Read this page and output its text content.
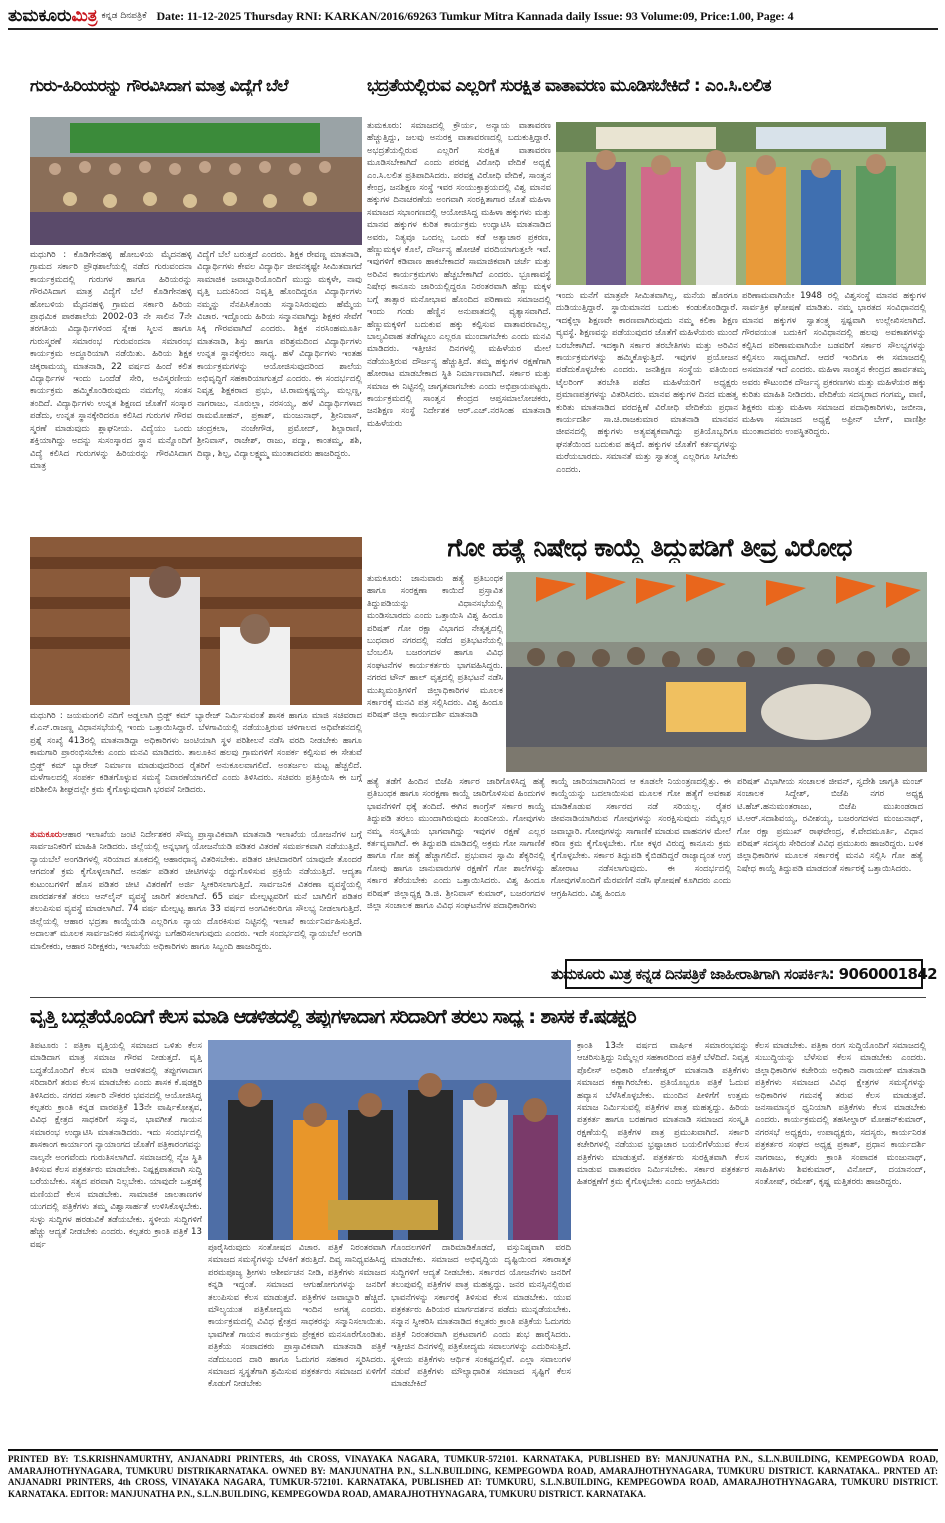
ತುಮಕೂರುಮಿತ್ರ ಕನ್ನಡ ದಿನಪತ್ರಿಕೆ Date: 11-12-2025 Thursday RNI: KARKAN/2016/69263 Tumkur Mitra Kannada daily Issue: 93 Volume:09, Price:1.00, Page: 4
ಗುರು-ಹಿರಿಯರನ್ನು ಗೌರವಿಸಿದಾಗ ಮಾತ್ರ ವಿದ್ಯೆಗೆ ಬೆಲೆ
ಮಧುಗಿರಿ : ಕೊಡಿಗೇನಹಳ್ಳಿ ಹೋಬಳಿಯ ಮೈದನಹಳ್ಳಿ ಗ್ರಾಮದ ಸರ್ಕಾರಿ ಪ್ರೌಢಶಾಲೆಯಲ್ಲಿ ನಡೆದ ಗುರುವಂದನಾ ಕಾರ್ಯಕ್ರಮದಲ್ಲಿ ಗುರುಗಳ ಹಾಗೂ ಹಿರಿಯರನ್ನು ಗೌರವಿಸಿದಾಗ ಮಾತ್ರ ವಿದ್ಯೆಗೆ ಬೆಲೆ ಕೊಡಿಗೇನಹಳ್ಳಿ ಹೋಬಳಿಯ ಮೈದನಹಳ್ಳಿ ಗ್ರಾಮದ ಸರ್ಕಾರಿ ಹಿರಿಯ ಪ್ರಾಥಮಿಕ ಪಾಠಶಾಲೆಯ 2002-03 ನೇ ಸಾಲಿನ 7ನೇ ತರಗತಿಯ ವಿದ್ಯಾರ್ಥಿಗಳಿಂದ ಸ್ನೇಹ ಸ್ಮಿಲನ ಹಾಗೂ ಗುರುಸ್ಮರಣೆ ಸಮಾರಂಭ ಗುರುವಂದನಾ ಸಮಾರಂಭ ಕಾರ್ಯಕ್ರಮ ಅದ್ಧೂರಿಯಾಗಿ ನಡೆಯಿತು. ಹಿರಿಯ ಶಿಕ್ಷಕ ಚಿಕ್ಕರಾಮಯ್ಯ ಮಾತನಾಡಿ, 22 ವರ್ಷದ ಹಿಂದೆ ಕಲಿತ ವಿದ್ಯಾರ್ಥಿಗಳ ಇಂದು ಒಂದೆಡೆ ಸೇರಿ, ಅವಿಸ್ಮರಣೀಯ ಕಾರ್ಯಕ್ರಮ ಹಮ್ಮಿಕೊಂಡಿರುವುದು ನಮಗೆಲ್ಲ ಸಂತಸ ತಂದಿದೆ. ವಿದ್ಯಾರ್ಥಿಗಳು ಉನ್ನತ ಶಿಕ್ಷಣದ ಜೊತೆಗೆ ಸಂಸ್ಕಾರ ಪಡೆದು, ಉನ್ನತ ಸ್ಥಾನಕ್ಕೇರಿದರೂ ಕಲಿಸಿದ ಗುರುಗಳ ಗೌರವ ಸ್ಮರಣೆ ಮಾಡುವುದು ಶ್ಲಾಘನೀಯ. ವಿದ್ಯೆಯು ಒಂದು ಶಕ್ತಿಯಾಗಿದ್ದು ಅದನ್ನು ಸುಸಂಸ್ಕಾರದ ಸ್ಥಾನ ಮನ್ನೊಂದಿಗೆ ವಿದ್ಯೆ ಕಲಿಸಿದ ಗುರುಗಳನ್ನು ಹಿರಿಯರನ್ನು ಗೌರವಿಸಿದಾಗ ಮಾತ್ರ
ವಿದ್ಯೆಗೆ ಬೆಲೆ ಬರುತ್ತದೆ ಎಂದರು. ಶಿಕ್ಷಕ ರೇವಣ್ಣ ಮಾತನಾಡಿ, ವಿದ್ಯಾರ್ಥಿಗಳು ಕೇವಲ ವಿದ್ಯಾರ್ಥಿ ಜೀವನಕ್ಕಷ್ಟೇ ಸೀಮಿತವಾಗದೆ ಸಾಮಾಜಿಕ ಜವಾಬ್ದಾರಿಯೊಂದಿಗೆ ಮುದ್ದು ಮಕ್ಕಳೇ, ನಾವು ವೃತ್ತಿ ಬದುಕಿನಿಂದ ನಿವೃತ್ತಿ ಹೊಂದಿದ್ದರೂ ವಿದ್ಯಾರ್ಥಿಗಳು ನಮ್ಮನ್ನು ನೆನಪಿಸಿಕೊಂಡು ಸನ್ಮಾನಿಸಿರುವುದು ಹೆಮ್ಮೆಯ ವಿಚಾರ. ಇದ್ದೊಂದು ಹಿರಿಯ ಸನ್ಮಾನವಾಗಿದ್ದು ಶಿಕ್ಷಕರ ಸೇವೆಗೆ ಸಿಕ್ಕ ಗೌರವವಾಗಿದೆ ಎಂದರು. ಶಿಕ್ಷಕ ನರಸಿಂಹಮೂರ್ತಿ ಮಾತನಾಡಿ, ಶಿಸ್ತು ಹಾಗೂ ಪರಿಶ್ರಮದಿಂದ ವಿದ್ಯಾರ್ಥಿಗಳು ಉನ್ನತ ಸ್ಥಾನಕ್ಕೇರಲು ಸಾಧ್ಯ. ಹಳೆ ವಿದ್ಯಾರ್ಥಿಗಳು ಇಂತಹ ಕಾರ್ಯಕ್ರಮಗಳನ್ನು ಆಯೋಜಿಸುವುದರಿಂದ ಶಾಲೆಯ ಅಭಿವೃದ್ಧಿಗೆ ಸಹಕಾರಿಯಾಗುತ್ತದೆ ಎಂದರು. ಈ ಸಂದರ್ಭದಲ್ಲಿ ನಿವೃತ್ತ ಶಿಕ್ಷಕರಾದ ಪ್ರಭು, ಟಿ.ರಾಮಕೃಷ್ಣಯ್ಯ, ಮಲ್ಲಣ್ಣ, ನಾಗರಾಜು, ನೂರುಲ್ಲಾ, ನರಸಯ್ಯ, ಹಳೆ ವಿದ್ಯಾರ್ಥಿಗಳಾದ ರಾಮಮೋಹನ್, ಪ್ರಕಾಶ್, ಮಂಜುನಾಥ್, ಶ್ರೀನಿವಾಸ್, ಚಂದ್ರಕಲಾ, ನಂಜೇಗೌಡ, ಪ್ರಮೋದ್, ಶಿಲ್ಪಾರಾಣಿ, ಶ್ರೀನಿವಾಸ್, ರಾಜೇಶ್, ರಾಜು, ಪದ್ಮಾ, ಕಾಂತಮ್ಮ, ಶಶಿ, ದಿವ್ಯಾ, ಶಿಲ್ಪ, ವಿದ್ಯಾಲಕ್ಷ್ಮಮ್ಮ ಮುಂತಾದವರು ಹಾಜರಿದ್ದರು.
ಭದ್ರತೆಯಲ್ಲಿರುವ ಎಲ್ಲರಿಗೆ ಸುರಕ್ಷಿತ ವಾತಾವರಣ ಮೂಡಿಸಬೇಕಿದೆ : ಎಂ.ಸಿ.ಲಲಿತ
ತುಮಕೂರು: ಸಮಾಜದಲ್ಲಿ ಕ್ರೌರ್ಯ, ಅನ್ಯಾಯ ವಾತಾವರಣ ಹೆಚ್ಚುತ್ತಿದ್ದು, ಜಲವು ಅನುರಕ್ತ ವಾತಾವರಣದಲ್ಲಿ ಬದುಕುತ್ತಿದ್ದಾರೆ. ಅಭದ್ರತೆಯಲ್ಲಿರುವ ಎಲ್ಲರಿಗೆ ಸುರಕ್ಷಿತ ವಾತಾವರಣ ಮೂಡಿಸಬೇಕಾಗಿದೆ ಎಂದು ಪರವಕ್ಷ ವಿರೋಧಿ ವೇದಿಕೆ ಅಧ್ಯಕ್ಷೆ ಎಂ.ಸಿ.ಲಲಿತ ಪ್ರತಿಪಾದಿಸಿದರು. ಪರವಕ್ಷ ವಿರೋಧಿ ವೇದಿಕೆ, ಸಾಂತ್ವನ ಕೇಂದ್ರ, ಜನಶಿಕ್ಷಣ ಸಂಸ್ಥೆ ಇವರ ಸಂಯುಕ್ತಾಶ್ರಯದಲ್ಲಿ ವಿಶ್ವ ಮಾನವ ಹಕ್ಕುಗಳ ದಿನಾಚರಣೆಯ ಅಂಗವಾಗಿ ಸಂರಕ್ಷಿತಾಗಾರ ಜೊತೆ ಮಹಿಳಾ ಸಮಾಜದ ಸಭಾಂಗಣದಲ್ಲಿ ಆಯೋಜಿಸಿದ್ದ ಮಹಿಳಾ ಹಕ್ಕುಗಳು ಮತ್ತು ಮಾನವ ಹಕ್ಕುಗಳ ಕುರಿತ ಕಾರ್ಯಕ್ರಮ ಉದ್ಘಾಟಿಸಿ ಮಾತನಾಡಿದ ಅವರು, ನಿತ್ಯವೂ ಒಂದಲ್ಲ ಒಂದು ಕಡೆ ಅತ್ಯಾಚಾರ ಪ್ರಕರಣ, ಹೆಣ್ಣುಮಕ್ಕಳ ಕೊಲೆ, ದೌರ್ಜನ್ಯ ಹೋಚಿಕೆ ವರದಿಯಾಗುತ್ತಲೇ ಇವೆ. ಇವುಗಳಿಗೆ ಕಡಿವಾಣ ಹಾಕಬೇಕಾದರೆ ಸಾಮಾಜಿಕವಾಗಿ ಚರ್ಚೆ ಮತ್ತು ಅರಿವಿನ ಕಾರ್ಯಕ್ರಮಗಳು ಹೆಚ್ಚಬೇಕಾಗಿದೆ ಎಂದರು. ಭ್ರೂಣಾವಸ್ಥೆ ನಿಷೇಧ ಕಾನೂನು ಜಾರಿಯಲ್ಲಿದ್ದರೂ ನಿರಂತರವಾಗಿ ಹೆಣ್ಣು ಮಕ್ಕಳ ಬಗ್ಗೆ ತಾತ್ಸಾರ ಮನೋಭಾವ ಹೊಂದಿದ ಪರಿಣಾಮ ಸಮಾಜದಲ್ಲಿ ಇಂದು ಗಂಡು ಹೆಣ್ಣಿನ ಅನುಪಾತದಲ್ಲಿ ವ್ಯತ್ಯಾಸವಾಗಿದೆ. ಹೆಣ್ಣುಮಕ್ಕಳಿಗೆ ಬದುಕುವ ಹಕ್ಕು ಕಲ್ಪಿಸುವ ವಾತಾವರಣವಿಲ್ಲ, ಬಾಲ್ಯವಿವಾಹ ತಡೆಗಟ್ಟಲು ಎಲ್ಲರೂ ಮುಂದಾಗಬೇಕು ಎಂದು ಮನವಿ ಮಾಡಿದರು. ಇತ್ತೀಚಿನ ದಿನಗಳಲ್ಲಿ ಮಹಿಳೆಯರ ಮೇಲೆ ನಡೆಯುತ್ತಿರುವ ದೌರ್ಜನ್ಯ ಹೆಚ್ಚುತ್ತಿದೆ. ತಮ್ಮ ಹಕ್ಕುಗಳ ರಕ್ಷಣೆಗಾಗಿ ಹೋರಾಟ ಮಾಡಬೇಕಾದ ಸ್ಥಿತಿ ನಿರ್ಮಾಣವಾಗಿದೆ. ಸರ್ಕಾರ ಮತ್ತು ಸಮಾಜ ಈ ನಿಟ್ಟಿನಲ್ಲಿ ಜಾಗೃತವಾಗಬೇಕು ಎಂದು ಅಭಿಪ್ರಾಯಪಟ್ಟರು. ಕಾರ್ಯಕ್ರಮದಲ್ಲಿ ಸಾಂತ್ವನ ಕೇಂದ್ರದ ಆಪ್ತಸಮಾಲೋಚಕರು, ಜನಶಿಕ್ಷಣ ಸಂಸ್ಥೆ ನಿರ್ದೇಶಕ ಆರ್.ಎಚ್.ನರಸಿಂಹ ಮಾತನಾಡಿ ಮಹಿಳೆಯರು
ಇಂದು ಮನೆಗೆ ಮಾತ್ರವೇ ಸೀಮಿತವಾಗಿಲ್ಲ, ಮನೆಯ ಹೊರಗೂ ದುಡಿಯುತ್ತಿದ್ದಾರೆ. ಸ್ಥಾಯಿಮಾನದ ಬದುಕು ಕಂಡುಕೊಂಡಿದ್ದಾರೆ. ಇದಕ್ಕೆಲ್ಲಾ ಶಿಕ್ಷಣವೇ ಕಾರಣವಾಗಿರುವುದು ನಮ್ಮ ಕಲಿಕಾ ಶಿಕ್ಷಣ ವ್ಯವಸ್ಥೆ. ಶಿಕ್ಷಣವನ್ನು ಪಡೆಯುವುದರ ಜೊತೆಗೆ ಮಹಿಳೆಯರು ಮುಂದೆ ಬರಬೇಕಾಗಿದೆ. ಇದಕ್ಕಾಗಿ ಸರ್ಕಾರ ತರಬೇತಿಗಳು ಮತ್ತು ಅರಿವಿನ ಕಾರ್ಯಕ್ರಮಗಳನ್ನು ಹಮ್ಮಿಕೊಳ್ಳುತ್ತಿದೆ. ಇವುಗಳ ಪ್ರಯೋಜನ ಪಡೆದುಕೊಳ್ಳಬೇಕು ಎಂದರು. ಜನಶಿಕ್ಷಣ ಸಂಸ್ಥೆಯ ವತಿಯಿಂದ ಟೈಲರಿಂಗ್ ತರಬೇತಿ ಪಡೆದ ಮಹಿಳೆಯರಿಗೆ ಅಧ್ಯಕ್ಷರು ಪ್ರಮಾಣಪತ್ರಗಳನ್ನು ವಿತರಿಸಿದರು. ಮಾನವ ಹಕ್ಕುಗಳ ದಿನದ ಮಹತ್ವ ಕುರಿತು ಮಾತನಾಡಿದ ವರದಕ್ಷಿಣೆ ವಿರೋಧಿ ವೇದಿಕೆಯ ಪ್ರಧಾನ ಕಾರ್ಯದರ್ಶಿ ಸಾ.ಚಿ.ರಾಜಕುಮಾರ ಮಾತನಾಡಿ ಮಾನವನ ಜೀವನದಲ್ಲಿ ಹಕ್ಕುಗಳು ಅತ್ಯವಶ್ಯಕವಾಗಿದ್ದು ಪ್ರತಿಯೊಬ್ಬರಿಗೂ ಘನತೆಯಿಂದ ಬದುಕುವ ಹಕ್ಕಿದೆ. ಹಕ್ಕುಗಳ ಜೊತೆಗೆ ಕರ್ತವ್ಯಗಳನ್ನು ಮರೆಯಬಾರದು. ಸಮಾನತೆ ಮತ್ತು ಸ್ವಾತಂತ್ರ್ಯ ಎಲ್ಲರಿಗೂ ಸಿಗಬೇಕು ಎಂದರು.
ಪರಿಣಾಮವಾಗಿಯೇ 1948 ರಲ್ಲಿ ವಿಶ್ವಸಂಸ್ಥೆ ಮಾನವ ಹಕ್ಕುಗಳ ಸಾರ್ವತ್ರಿಕ ಘೋಷಣೆ ಮಾಡಿತು. ನಮ್ಮ ಭಾರತದ ಸಂವಿಧಾನದಲ್ಲಿ ಮಾನವ ಹಕ್ಕುಗಳ ಸ್ವಾತಂತ್ರ್ಯ ಸ್ಪಷ್ಟವಾಗಿ ಉಲ್ಲೇಖಿಸಲಾಗಿದೆ. ಗೌರವಯುತ ಬದುಕಿಗೆ ಸಂವಿಧಾನದಲ್ಲಿ ಹಲವು ಅವಕಾಶಗಳನ್ನು ಕಲ್ಪಿಸಿದ ಪರಿಣಾಮವಾಗಿಯೇ ಬಡವರಿಗೆ ಸರ್ಕಾರ ಸೌಲಭ್ಯಗಳನ್ನು ಕಲ್ಪಿಸಲು ಸಾಧ್ಯವಾಗಿದೆ. ಆದರೆ ಇಂದಿಗೂ ಈ ಸಮಾಜದಲ್ಲಿ ಅಸಮಾನತೆ ಇದೆ ಎಂದರು. ಮಹಿಳಾ ಸಾಂತ್ವನ ಕೇಂದ್ರದ ಹಾರ್ವತಮ್ಮ ಅವರು ಕೌಟುಂಬಿಕ ದೌರ್ಜನ್ಯ ಪ್ರಕರಣಗಳು ಮತ್ತು ಮಹಿಳೆಯರ ಹಕ್ಕು ಕುರಿತು ಮಾಹಿತಿ ನೀಡಿದರು. ವೇದಿಕೆಯ ಸದಸ್ಯರಾದ ಗಂಗಮ್ಮ, ವಾಣಿ, ಶಿಕ್ಷಕರು ಮತ್ತು ಮಹಿಳಾ ಸಮಾಜದ ಪದಾಧಿಕಾರಿಗಳು, ಜಬೀನಾ, ಮಹಿಳಾ ಸಮಾಜದ ಅಧ್ಯಕ್ಷೆ ಅಫ್ರೀನ್ ಬೇಗ್, ವಾಣಿಶ್ರೀ ಮುಂತಾದವರು ಉಪಸ್ಥಿತರಿದ್ದರು.
ಗೋ ಹತ್ಯೆ ನಿಷೇಧ ಕಾಯ್ದೆ ತಿದ್ದುಪಡಿಗೆ ತೀವ್ರ ವಿರೋಧ
ತುಮಕೂರು: ಜಾನುವಾರು ಹತ್ಯೆ ಪ್ರತಿಬಂಧಕ ಹಾಗೂ ಸಂರಕ್ಷಣಾ ಕಾಯಿದೆ ಪ್ರಸ್ತಾವಿತ ತಿದ್ದುಪಡಿಯನ್ನು ವಿಧಾನಸಭೆಯಲ್ಲಿ ಮಂಡಿಸಬಾರದು ಎಂದು ಒತ್ತಾಯಿಸಿ ವಿಶ್ವ ಹಿಂದೂ ಪರಿಷತ್ ಗೋ ರಕ್ಷಾ ವಿಭಾಗದ ನೇತೃತ್ವದಲ್ಲಿ ಬುಧವಾರ ನಗರದಲ್ಲಿ ನಡೆದ ಪ್ರತಿಭಟನೆಯಲ್ಲಿ ಬೆಂಬಲಿಸಿ ಬಜರಂಗದಳ ಹಾಗೂ ವಿವಿಧ ಸಂಘಟನೆಗಳ ಕಾರ್ಯಕರ್ತರು ಭಾಗವಹಿಸಿದ್ದರು. ನಗರದ ಟೌನ್ ಹಾಲ್ ವೃತ್ತದಲ್ಲಿ ಪ್ರತಿಭಟನೆ ನಡೆಸಿ ಮುಖ್ಯಮಂತ್ರಿಗಳಿಗೆ ಜಿಲ್ಲಾಧಿಕಾರಿಗಳ ಮೂಲಕ ಸರ್ಕಾರಕ್ಕೆ ಮನವಿ ಪತ್ರ ಸಲ್ಲಿಸಿದರು. ವಿಶ್ವ ಹಿಂದೂ ಪರಿಷತ್ ಜಿಲ್ಲಾ ಕಾರ್ಯದರ್ಶಿ ಮಾತನಾಡಿ
ಹತ್ಯೆ ತಡೆಗೆ ಹಿಂದಿನ ಬಿಜೆಪಿ ಸರ್ಕಾರ ಜಾರಿಗೊಳಿಸಿದ್ದ ಹತ್ಯೆ ಪ್ರತಿಬಂಧಕ ಹಾಗೂ ಸಂರಕ್ಷಣಾ ಕಾಯ್ದೆ ಜಾರಿಗೊಳಿಸುವ ಹಿಂದುಗಳ ಭಾವನೆಗಳಿಗೆ ಧಕ್ಕೆ ತಂದಿದೆ. ಈಗಿನ ಕಾಂಗ್ರೆಸ್ ಸರ್ಕಾರ ಕಾಯ್ದೆ ತಿದ್ದುಪಡಿ ತರಲು ಮುಂದಾಗಿರುವುದು ಖಂಡನೀಯ. ಗೋವುಗಳು ನಮ್ಮ ಸಂಸ್ಕೃತಿಯ ಭಾಗವಾಗಿದ್ದು ಇವುಗಳ ರಕ್ಷಣೆ ಎಲ್ಲರ ಕರ್ತವ್ಯವಾಗಿದೆ. ಈ ತಿದ್ದುಪಡಿ ಮಾಡಿದಲ್ಲಿ ಅಕ್ರಮ ಗೋ ಸಾಗಾಣಿಕೆ ಹಾಗೂ ಗೋ ಹತ್ಯೆ ಹೆಚ್ಚಾಗಲಿದೆ. ಪ್ರಭುವಾನ ಸ್ವಾಮಿ ಶೆಕ್ಯರಿನಲ್ಲಿ ಗೋವು ಹಾಗೂ ಜಾನುವಾರುಗಳ ರಕ್ಷಣೆಗೆ ಗೋ ಶಾಲೆಗಳನ್ನು ಸರ್ಕಾರ ತೆರೆಯಬೇಕು ಎಂದು ಒತ್ತಾಯಿಸಿದರು. ವಿಶ್ವ ಹಿಂದೂ ಪರಿಷತ್ ಜಿಲ್ಲಾಧ್ಯಕ್ಷ ಡಿ.ಜಿ. ಶ್ರೀನಿವಾಸ್ ಕುಮಾರ್, ಬಜರಂಗದಳ ಜಿಲ್ಲಾ ಸಂಚಾಲಕ ಹಾಗೂ ವಿವಿಧ ಸಂಘಟನೆಗಳ ಪದಾಧಿಕಾರಿಗಳು
ಕಾಯ್ದೆ ಜಾರಿಯಾದಾಗಿನಿಂದ ಆ ಕೂಡಲೇ ನಿಯಂತ್ರಣದಲ್ಲಿತ್ತು. ಈ ಕಾಯ್ದೆಯನ್ನು ಬದಲಾಯಿಸುವ ಮೂಲಕ ಗೋ ಹತ್ಯೆಗೆ ಅವಕಾಶ ಮಾಡಿಕೊಡುವ ಸರ್ಕಾರದ ನಡೆ ಸರಿಯಲ್ಲ. ರೈತರ ಜೀವನಾಡಿಯಾಗಿರುವ ಗೋವುಗಳನ್ನು ಸಂರಕ್ಷಿಸುವುದು ನಮ್ಮೆಲ್ಲರ ಜವಾಬ್ದಾರಿ. ಗೋವುಗಳನ್ನು ಸಾಗಾಣಿಕೆ ಮಾಡುವ ವಾಹನಗಳ ಮೇಲೆ ಕಠಿಣ ಕ್ರಮ ಕೈಗೊಳ್ಳಬೇಕು. ಗೋ ಕಳ್ಳರ ವಿರುದ್ಧ ಕಾನೂನು ಕ್ರಮ ಕೈಗೊಳ್ಳಬೇಕು. ಸರ್ಕಾರ ತಿದ್ದುಪಡಿ ಕೈಬಿಡದಿದ್ದರೆ ರಾಜ್ಯಾದ್ಯಂತ ಉಗ್ರ ಹೋರಾಟ ನಡೆಸಲಾಗುವುದು. ಈ ಸಂದರ್ಭದಲ್ಲಿ ಗೋವುಗಳೊಂದಿಗೆ ಮೆರವಣಿಗೆ ನಡೆಸಿ ಘೋಷಣೆ ಕೂಗಿದರು ಎಂದು ಆಗ್ರಹಿಸಿದರು. ವಿಶ್ವ ಹಿಂದೂ
ಪರಿಷತ್ ವಿಭಾಗೀಯ ಸಂಚಾಲಕ ಜೀವನ್, ಸ್ವದೇಶಿ ಜಾಗೃತಿ ಮಂಚ್ ಸಂಚಾಲಕ ಸಿದ್ದೇಶ್, ಬಿಜೆಪಿ ನಗರ ಅಧ್ಯಕ್ಷ ಟಿ.ಹೆಚ್.ಹನುಮಂತರಾಜು, ಬಿಜೆಪಿ ಮುಖಂಡರಾದ ಟಿ.ಆರ್.ಸದಾಶಿವಯ್ಯ, ರವೀಶಯ್ಯ, ಬಜರಂಗದಳದ ಮಂಜುನಾಥ್, ಗೋ ರಕ್ಷಾ ಪ್ರಮುಖ್ ರಾಘವೇಂದ್ರ, ಕೆ.ವೇದಮೂರ್ತಿ, ವಿಧಾನ ಪರಿಷತ್ ಸದಸ್ಯರು ಸೇರಿದಂತೆ ವಿವಿಧ ಪ್ರಮುಖರು ಹಾಜರಿದ್ದರು. ಬಳಿಕ ಜಿಲ್ಲಾಧಿಕಾರಿಗಳ ಮೂಲಕ ಸರ್ಕಾರಕ್ಕೆ ಮನವಿ ಸಲ್ಲಿಸಿ ಗೋ ಹತ್ಯೆ ನಿಷೇಧ ಕಾಯ್ದೆ ತಿದ್ದುಪಡಿ ಮಾಡದಂತೆ ಸರ್ಕಾರಕ್ಕೆ ಒತ್ತಾಯಿಸಿದರು.
ಮಧುಗಿರಿ : ಜಯಮಂಗಲಿ ನದಿಗೆ ಅಡ್ಡಲಾಗಿ ಬ್ರಿಡ್ಜ್ ಕಮ್ ಬ್ಯಾರೇಜ್ ನಿರ್ಮಿಸುವಂತೆ ಶಾಸಕ ಹಾಗೂ ಮಾಜಿ ಸಚಿವರಾದ ಕೆ.ಎನ್.ರಾಜಣ್ಣ ವಿಧಾನಸಭೆಯಲ್ಲಿ ಇಂದು ಒತ್ತಾಯಿಸಿದ್ದಾರೆ. ಬೆಳಗಾವಿಯಲ್ಲಿ ನಡೆಯುತ್ತಿರುವ ಚಳಿಗಾಲದ ಅಧಿವೇಶನದಲ್ಲಿ ಪ್ರಶ್ನೆ ಸಂಖ್ಯೆ 413ರಲ್ಲಿ ಮಾತನಾಡಿದ್ದಾ ಅಧಿಕಾರಿಗಳು ಜಂಟಿಯಾಗಿ ಸ್ಥಳ ಪರಿಶೀಲನೆ ನಡೆಸಿ ವರದಿ ನೀಡಬೇಕು ಹಾಗೂ ಕಾಮಗಾರಿ ಪ್ರಾರಂಭಿಸಬೇಕು ಎಂದು ಮನವಿ ಮಾಡಿದರು. ತಾಲೂಕಿನ ಹಲವು ಗ್ರಾಮಗಳಿಗೆ ಸಂಪರ್ಕ ಕಲ್ಪಿಸುವ ಈ ಸೇತುವೆ ಬ್ರಿಡ್ಜ್ ಕಮ್ ಬ್ಯಾರೇಜ್ ನಿರ್ಮಾಣ ಮಾಡುವುದರಿಂದ ರೈತರಿಗೆ ಅನುಕೂಲವಾಗಲಿದೆ. ಅಂತರ್ಜಲ ಮಟ್ಟ ಹೆಚ್ಚಲಿದೆ. ಮಳೆಗಾಲದಲ್ಲಿ ಸಂಪರ್ಕ ಕಡಿತಗೊಳ್ಳುವ ಸಮಸ್ಯೆ ನಿವಾರಣೆಯಾಗಲಿದೆ ಎಂದು ತಿಳಿಸಿದರು. ಸಚಿವರು ಪ್ರತಿಕ್ರಿಯಿಸಿ ಈ ಬಗ್ಗೆ ಪರಿಶೀಲಿಸಿ ಶೀಘ್ರದಲ್ಲೇ ಕ್ರಮ ಕೈಗೊಳ್ಳುವುದಾಗಿ ಭರವಸೆ ನೀಡಿದರು.
ತುಮಕೂರುಆಹಾರ ಇಲಾಖೆಯ ಜಂಟಿ ನಿರ್ದೇಶಕರ ಸೌಮ್ಯ ಪ್ರಾಸ್ತಾವಿಕವಾಗಿ ಮಾತನಾಡಿ ಇಲಾಖೆಯ ಯೋಜನೆಗಳ ಬಗ್ಗೆ ಸಾರ್ವಜನಿಕರಿಗೆ ಮಾಹಿತಿ ನೀಡಿದರು. ಜಿಲ್ಲೆಯಲ್ಲಿ ಅನ್ನಭಾಗ್ಯ ಯೋಜನೆಯಡಿ ಪಡಿತರ ವಿತರಣೆ ಸಮರ್ಪಕವಾಗಿ ನಡೆಯುತ್ತಿದೆ. ನ್ಯಾಯಬೆಲೆ ಅಂಗಡಿಗಳಲ್ಲಿ ಸರಿಯಾದ ತೂಕದಲ್ಲಿ ಆಹಾರಧಾನ್ಯ ವಿತರಿಸಬೇಕು. ಪಡಿತರ ಚೀಟಿದಾರರಿಗೆ ಯಾವುದೇ ತೊಂದರೆ ಆಗದಂತೆ ಕ್ರಮ ಕೈಗೊಳ್ಳಲಾಗಿದೆ. ಅನರ್ಹ ಪಡಿತರ ಚೀಟಿಗಳನ್ನು ರದ್ದುಗೊಳಿಸುವ ಪ್ರಕ್ರಿಯೆ ನಡೆಯುತ್ತಿದೆ. ಆದ್ಯತಾ ಕುಟುಂಬಗಳಿಗೆ ಹೊಸ ಪಡಿತರ ಚೀಟಿ ವಿತರಣೆಗೆ ಅರ್ಜಿ ಸ್ವೀಕರಿಸಲಾಗುತ್ತಿದೆ. ಸಾರ್ವಜನಿಕ ವಿತರಣಾ ವ್ಯವಸ್ಥೆಯಲ್ಲಿ ಪಾರದರ್ಶಕತೆ ತರಲು ಆನ್‌ಲೈನ್ ವ್ಯವಸ್ಥೆ ಜಾರಿಗೆ ತರಲಾಗಿದೆ. 65 ವರ್ಷ ಮೇಲ್ಪಟ್ಟವರಿಗೆ ಮನೆ ಬಾಗಿಲಿಗೆ ಪಡಿತರ ತಲುಪಿಸುವ ವ್ಯವಸ್ಥೆ ಮಾಡಲಾಗಿದೆ. 74 ವರ್ಷ ಮೇಲ್ಪಟ್ಟ ಹಾಗೂ 33 ವರ್ಷದ ಅಂಗವಿಕಲರಿಗೂ ಸೌಲಭ್ಯ ನೀಡಲಾಗುತ್ತಿದೆ. ಜಿಲ್ಲೆಯಲ್ಲಿ ಆಹಾರ ಭದ್ರತಾ ಕಾಯ್ದೆಯಡಿ ಎಲ್ಲರಿಗೂ ನ್ಯಾಯ ದೊರಕಿಸುವ ನಿಟ್ಟಿನಲ್ಲಿ ಇಲಾಖೆ ಕಾರ್ಯನಿರ್ವಹಿಸುತ್ತಿದೆ. ಅದಾಲತ್ ಮೂಲಕ ಸಾರ್ವಜನಿಕರ ಸಮಸ್ಯೆಗಳನ್ನು ಬಗೆಹರಿಸಲಾಗುವುದು ಎಂದರು. ಇದೇ ಸಂದರ್ಭದಲ್ಲಿ ನ್ಯಾಯಬೆಲೆ ಅಂಗಡಿ ಮಾಲೀಕರು, ಆಹಾರ ನಿರೀಕ್ಷಕರು, ಇಲಾಖೆಯ ಅಧಿಕಾರಿಗಳು ಹಾಗೂ ಸಿಬ್ಬಂದಿ ಹಾಜರಿದ್ದರು.
ತುಮಕೂರು ಮಿತ್ರ ಕನ್ನಡ ದಿನಪತ್ರಿಕೆ ಜಾಹೀರಾತಿಗಾಗಿ ಸಂಪರ್ಕಿಸಿ: 9060001842
ವೃತ್ತಿ ಬದ್ಧತೆಯೊಂದಿಗೆ ಕೆಲಸ ಮಾಡಿ ಆಡಳಿತದಲ್ಲಿ ತಪ್ಪುಗಳಾದಾಗ ಸರಿದಾರಿಗೆ ತರಲು ಸಾಧ್ಯ : ಶಾಸಕ ಕೆ.ಷಡಕ್ಷರಿ
ತಿಪಟೂರು : ಪತ್ರಿಕಾ ವೃತ್ತಿಯಲ್ಲಿ ಸಮಾಜದ ಒಳಿತು ಕೆಲಸ ಮಾಡಿದಾಗ ಮಾತ್ರ ಸಮಾಜ ಗೌರವ ನೀಡುತ್ತದೆ. ವೃತ್ತಿ ಬದ್ಧತೆಯೊಂದಿಗೆ ಕೆಲಸ ಮಾಡಿ ಆಡಳಿತದಲ್ಲಿ ತಪ್ಪುಗಳಾದಾಗ ಸರಿದಾರಿಗೆ ತರುವ ಕೆಲಸ ಮಾಡಬೇಕು ಎಂದು ಶಾಸಕ ಕೆ.ಷಡಕ್ಷರಿ ತಿಳಿಸಿದರು. ನಗರದ ಸರ್ಕಾರಿ ನೌಕರರ ಭವನದಲ್ಲಿ ಆಯೋಜಿಸಿದ್ದ ಕಲ್ಪತರು ಕ್ರಾಂತಿ ಕನ್ನಡ ವಾರಪತ್ರಿಕೆ 13ನೇ ವಾರ್ಷಿಕೋತ್ಸವ, ವಿವಿಧ ಕ್ಷೇತ್ರದ ಸಾಧಕರಿಗೆ ಸನ್ಮಾನ, ಭಾವಗೀತೆ ಗಾಯನ ಸಮಾರಂಭ ಉದ್ಘಾಟಿಸಿ ಮಾತನಾಡಿದರು. ಇದು ಸಂದರ್ಭದಲ್ಲಿ ಶಾಸಕಾಂಗ ಕಾರ್ಯಾಂಗ ನ್ಯಾಯಾಂಗದ ಜೊತೆಗೆ ಪತ್ರಿಕಾರಂಗವನ್ನು ನಾಲ್ಕನೇ ಅಂಗವೆಂದು ಗುರುತಿಸಲಾಗಿದೆ. ಸಮಾಜದಲ್ಲಿ ನೈಜ ಸ್ಥಿತಿ ತಿಳಿಸುವ ಕೆಲಸ ಪತ್ರಕರ್ತರು ಮಾಡಬೇಕು. ನಿಷ್ಪಕ್ಷಪಾತವಾಗಿ ಸುದ್ದಿ ಬರೆಯಬೇಕು. ಸತ್ಯದ ಪರವಾಗಿ ನಿಲ್ಲಬೇಕು. ಯಾವುದೇ ಒತ್ತಡಕ್ಕೆ ಮಣಿಯದೆ ಕೆಲಸ ಮಾಡಬೇಕು. ಸಾಮಾಜಿಕ ಜಾಲತಾಣಗಳ ಯುಗದಲ್ಲಿ ಪತ್ರಿಕೆಗಳು ತಮ್ಮ ವಿಶ್ವಾಸಾರ್ಹತೆ ಉಳಿಸಿಕೊಳ್ಳಬೇಕು. ಸುಳ್ಳು ಸುದ್ದಿಗಳ ಹರಡುವಿಕೆ ತಡೆಯಬೇಕು. ಸ್ಥಳೀಯ ಸುದ್ದಿಗಳಿಗೆ ಹೆಚ್ಚು ಆದ್ಯತೆ ನೀಡಬೇಕು ಎಂದರು. ಕಲ್ಪತರು ಕ್ರಾಂತಿ ಪತ್ರಿಕೆ 13 ವರ್ಷ	ಪೂರೈಸಿರುವುದು ಸಂತೋಷದ ವಿಚಾರ. ಪತ್ರಿಕೆ ನಿರಂತರವಾಗಿ ಸಮಾಜದ ಸಮಸ್ಯೆಗಳನ್ನು ಬೆಳಕಿಗೆ ತರುತ್ತಿದೆ. ದಿವ್ಯ ಸಾನಿಧ್ಯವಹಿಸಿದ್ದ ಪರಮಪೂಜ್ಯ ಶ್ರೀಗಳು ಆಶೀರ್ವಚನ ನೀಡಿ, ಪತ್ರಿಕೆಗಳು ಸಮಾಜದ ಕನ್ನಡಿ ಇದ್ದಂತೆ. ಸಮಾಜದ ಆಗುಹೋಗುಗಳನ್ನು ಜನರಿಗೆ ತಲುಪಿಸುವ ಕೆಲಸ ಮಾಡುತ್ತವೆ. ಪತ್ರಿಕೆಗಳ ಜವಾಬ್ದಾರಿ ಹೆಚ್ಚಿದೆ. ಮೌಲ್ಯಯುತ ಪತ್ರಿಕೋದ್ಯಮ ಇಂದಿನ ಅಗತ್ಯ ಎಂದರು. ಕಾರ್ಯಕ್ರಮದಲ್ಲಿ ವಿವಿಧ ಕ್ಷೇತ್ರದ ಸಾಧಕರನ್ನು ಸನ್ಮಾನಿಸಲಾಯಿತು. ಭಾವಗೀತೆ ಗಾಯನ ಕಾರ್ಯಕ್ರಮ ಪ್ರೇಕ್ಷಕರ ಮನಸೂರೆಗೊಂಡಿತು. ಪತ್ರಿಕೆಯ ಸಂಪಾದಕರು ಪ್ರಾಸ್ತಾವಿಕವಾಗಿ ಮಾತನಾಡಿ ಪತ್ರಿಕೆ ನಡೆದುಬಂದ ದಾರಿ ಹಾಗೂ ಓದುಗರ ಸಹಕಾರ ಸ್ಮರಿಸಿದರು. ಸಮಾಜದ ಸ್ವಸ್ಥತೆಗಾಗಿ ಶ್ರಮಿಸುವ ಪತ್ರಕರ್ತರು ಸಮಾಜದ ಏಳಿಗೆಗೆ ಕೊಡುಗೆ ನೀಡಬೇಕು
ಗೊಂದಲಗಳಿಗೆ ದಾರಿಮಾಡಿಕೊಡದೆ, ವಸ್ತುನಿಷ್ಠವಾಗಿ ವರದಿ ಮಾಡಬೇಕು. ಸಮಾಜದ ಅಭಿವೃದ್ಧಿಯ ದೃಷ್ಟಿಯಿಂದ ಸಕಾರಾತ್ಮಕ ಸುದ್ದಿಗಳಿಗೆ ಆದ್ಯತೆ ನೀಡಬೇಕು. ಸರ್ಕಾರದ ಯೋಜನೆಗಳು ಜನರಿಗೆ ತಲುಪುವಲ್ಲಿ ಪತ್ರಿಕೆಗಳ ಪಾತ್ರ ಮಹತ್ವದ್ದು. ಜನರ ಮನಸ್ಸಿನಲ್ಲಿರುವ ಭಾವನೆಗಳನ್ನು ಸರ್ಕಾರಕ್ಕೆ ತಿಳಿಸುವ ಕೆಲಸ ಮಾಡಬೇಕು. ಯುವ ಪತ್ರಕರ್ತರು ಹಿರಿಯರ ಮಾರ್ಗದರ್ಶನ ಪಡೆದು ಮುನ್ನಡೆಯಬೇಕು. ಸನ್ಮಾನ ಸ್ವೀಕರಿಸಿ ಮಾತನಾಡಿದ ಕಲ್ಪತರು ಕ್ರಾಂತಿ ಪತ್ರಿಕೆಯ ಓದುಗರು ಪತ್ರಿಕೆ ನಿರಂತರವಾಗಿ ಪ್ರಕಟವಾಗಲಿ ಎಂದು ಶುಭ ಹಾರೈಸಿದರು. ಇತ್ತೀಚಿನ ದಿನಗಳಲ್ಲಿ ಪತ್ರಿಕೋದ್ಯಮ ಸವಾಲುಗಳನ್ನು ಎದುರಿಸುತ್ತಿದೆ. ಸ್ಥಳೀಯ ಪತ್ರಿಕೆಗಳು ಆರ್ಥಿಕ ಸಂಕಷ್ಟದಲ್ಲಿವೆ. ಎಲ್ಲಾ ಸವಾಲುಗಳ ನಡುವೆ ಪತ್ರಿಕೆಗಳು ಮೌಲ್ಯಾಧಾರಿತ ಸಮಾಜದ ಸೃಷ್ಟಿಗೆ ಕೆಲಸ ಮಾಡಬೇಕಿದೆ
ಕ್ರಾಂತಿ 13ನೇ ವರ್ಷದ ವಾರ್ಷಿಕ ಸಮಾರಂಭವನ್ನು ಆಚರಿಸುತ್ತಿದ್ದು ನಿಮ್ಮೆಲ್ಲರ ಸಹಕಾರದಿಂದ ಪತ್ರಿಕೆ ಬೆಳೆದಿದೆ. ನಿವೃತ್ತ ಪೊಲೀಸ್ ಅಧಿಕಾರಿ ಲೋಕೇಶ್ವರ್ ಮಾತನಾಡಿ ಪತ್ರಿಕೆಗಳು ಸಮಾಜದ ಕಣ್ಣಾಗಿರಬೇಕು. ಪ್ರತಿಯೊಬ್ಬರೂ ಪತ್ರಿಕೆ ಓದುವ ಹವ್ಯಾಸ ಬೆಳೆಸಿಕೊಳ್ಳಬೇಕು. ಮುಂದಿನ ಪೀಳಿಗೆಗೆ ಉತ್ತಮ ಸಮಾಜ ನಿರ್ಮಿಸುವಲ್ಲಿ ಪತ್ರಿಕೆಗಳ ಪಾತ್ರ ಮಹತ್ವದ್ದು. ಹಿರಿಯ ಪತ್ರಕರ್ತ ಹಾಗೂ ಬರಹಗಾರ ಮಾತನಾಡಿ ಸಮಾಜದ ಸಂಸ್ಕೃತಿ ರಕ್ಷಣೆಯಲ್ಲಿ ಪತ್ರಿಕೆಗಳ ಪಾತ್ರ ಪ್ರಮುಖವಾಗಿದೆ. ಸರ್ಕಾರಿ ಕಚೇರಿಗಳಲ್ಲಿ ನಡೆಯುವ ಭ್ರಷ್ಟಾಚಾರ ಬಯಲಿಗೆಳೆಯುವ ಕೆಲಸ ಪತ್ರಿಕೆಗಳು ಮಾಡುತ್ತವೆ. ಪತ್ರಕರ್ತರು ಸುರಕ್ಷಿತವಾಗಿ ಕೆಲಸ ಮಾಡುವ ವಾತಾವರಣ ನಿರ್ಮಿಸಬೇಕು. ಸರ್ಕಾರ ಪತ್ರಕರ್ತರ ಹಿತರಕ್ಷಣೆಗೆ ಕ್ರಮ ಕೈಗೊಳ್ಳಬೇಕು ಎಂದು ಆಗ್ರಹಿಸಿದರು
ಕೆಲಸ ಮಾಡಬೇಕು. ಪತ್ರಿಕಾ ರಂಗ ಸುದ್ದಿಯೊಂದಿಗೆ ಸಮಾಜದಲ್ಲಿ ಸುಬುದ್ಧಿಯನ್ನು ಬೆಳೆಸುವ ಕೆಲಸ ಮಾಡಬೇಕು ಎಂದರು. ಜಿಲ್ಲಾಧಿಕಾರಿಗಳ ಕಚೇರಿಯ ಅಧಿಕಾರಿ ನಾರಾಯಣ್ ಮಾತನಾಡಿ ಪತ್ರಿಕೆಗಳು ಸಮಾಜದ ವಿವಿಧ ಕ್ಷೇತ್ರಗಳ ಸಮಸ್ಯೆಗಳನ್ನು ಅಧಿಕಾರಿಗಳ ಗಮನಕ್ಕೆ ತರುವ ಕೆಲಸ ಮಾಡುತ್ತವೆ. ಜನಸಾಮಾನ್ಯರ ಧ್ವನಿಯಾಗಿ ಪತ್ರಿಕೆಗಳು ಕೆಲಸ ಮಾಡಬೇಕು ಎಂದರು. ಕಾರ್ಯಕ್ರಮದಲ್ಲಿ ತಹಸೀಲ್ದಾರ್ ಮೋಹನ್‌ಕುಮಾರ್, ನಗರಸಭೆ ಅಧ್ಯಕ್ಷರು, ಉಪಾಧ್ಯಕ್ಷರು, ಸದಸ್ಯರು, ಕಾರ್ಯನಿರತ ಪತ್ರಕರ್ತರ ಸಂಘದ ಅಧ್ಯಕ್ಷ ಪ್ರಕಾಶ್, ಪ್ರಧಾನ ಕಾರ್ಯದರ್ಶಿ ನಾಗರಾಜು, ಕಲ್ಪತರು ಕ್ರಾಂತಿ ಸಂಪಾದಕ ಮಂಜುನಾಥ್, ಸಾಹಿತಿಗಳು ಶಿವಕುಮಾರ್, ವಿನೋದ್, ದಯಾನಂದ್, ಸಂತೋಷ್, ರಮೇಶ್, ಕೃಷ್ಣ ಮತ್ತಿತರರು ಹಾಜರಿದ್ದರು.
PRINTED BY: T.S.KRISHNAMURTHY, ANJANADRI PRINTERS, 4th CROSS, VINAYAKA NAGARA, TUMKUR-572101. KARNATAKA, PUBLISHED BY: MANJUNATHA P.N., S.L.N.BUILDING, KEMPEGOWDA ROAD, AMARAJHOTHYNAGARA, TUMKURU DISTRIKARNATAKA. OWNED BY: MANJUNATHA P.N., S.L.N.BUILDING, KEMPEGOWDA ROAD, AMARAJHOTHYNAGARA, TUMKURU DISTRICT. KARNATAKA.. PRNTED AT: ANJANADRI PRINTERS, 4th CROSS, VINAYAKA NAGARA, TUMKUR-572101. KARNATAKA, PUBLISHED AT: TUMKURU, S.L.N.BUILDING, KEMPEGOWDA ROAD, AMARAJHOTHYNAGARA, TUMKURU DISTRICT. KARNATAKA. EDITOR: MANJUNATHA P.N., S.L.N.BUILDING, KEMPEGOWDA ROAD, AMARAJHOTHYNAGARA, TUMKURU DISTRICT. KARNATAKA.
